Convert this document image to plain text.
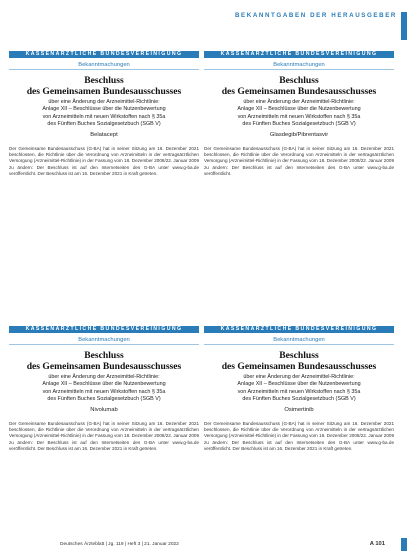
BEKANNTGABEN DER HERAUSGEBER
KASSENÄRZTLICHE BUNDESVEREINIGUNG
Bekanntmachungen
Beschluss
des Gemeinsamen Bundesausschusses
über eine Änderung der Arzneimittel-Richtlinie:
Anlage XII – Beschlüsse über die Nutzenbewertung
von Arzneimitteln mit neuen Wirkstoffen nach § 35a
des Fünften Buches Sozialgesetzbuch (SGB V)
Belatacept
Der Gemeinsame Bundesausschuss (G-BA) hat in seiner Sitzung am 16. Dezember 2021 beschlossen, die Richtlinie über die Verordnung von Arzneimitteln in der vertragsärztlichen Versorgung (Arzneimittel-Richtlinie) in der Fassung vom 18. Dezember 2008/22. Januar 2009 zu ändern: Der Beschluss ist auf den Internetseiten des G-BA unter www.g-ba.de veröffentlicht. Der Beschluss ist am 16. Dezember 2021 in Kraft getreten.
KASSENÄRZTLICHE BUNDESVEREINIGUNG
Bekanntmachungen
Beschluss
des Gemeinsamen Bundesausschusses
über eine Änderung der Arzneimittel-Richtlinie:
Anlage XII – Beschlüsse über die Nutzenbewertung
von Arzneimitteln mit neuen Wirkstoffen nach § 35a
des Fünften Buches Sozialgesetzbuch (SGB V)
Glasdegib/Pibrentasvir
Der Gemeinsame Bundesausschuss (G-BA) hat in seiner Sitzung am 16. Dezember 2021 beschlossen, die Richtlinie über die Verordnung von Arzneimitteln in der vertragsärztlichen Versorgung (Arzneimittel-Richtlinie) in der Fassung vom 18. Dezember 2008/22. Januar 2009 zu ändern: Der Beschluss ist auf den Internetseiten des G-BA unter www.g-ba.de veröffentlicht.
KASSENÄRZTLICHE BUNDESVEREINIGUNG
Bekanntmachungen
Beschluss
des Gemeinsamen Bundesausschusses
über eine Änderung der Arzneimittel-Richtlinie:
Anlage XII – Beschlüsse über die Nutzenbewertung
von Arzneimitteln mit neuen Wirkstoffen nach § 35a
des Fünften Buches Sozialgesetzbuch (SGB V)
Nivolumab
Der Gemeinsame Bundesausschuss (G-BA) hat in seiner Sitzung am 16. Dezember 2021 beschlossen, die Richtlinie über die Verordnung von Arzneimitteln in der vertragsärztlichen Versorgung (Arzneimittel-Richtlinie) in der Fassung vom 18. Dezember 2008/22. Januar 2009 zu ändern: Der Beschluss ist auf den Internetseiten des G-BA unter www.g-ba.de veröffentlicht. Der Beschluss ist am 16. Dezember 2021 in Kraft getreten.
KASSENÄRZTLICHE BUNDESVEREINIGUNG
Bekanntmachungen
Beschluss
des Gemeinsamen Bundesausschusses
über eine Änderung der Arzneimittel-Richtlinie:
Anlage XII – Beschlüsse über die Nutzenbewertung
von Arzneimitteln mit neuen Wirkstoffen nach § 35a
des Fünften Buches Sozialgesetzbuch (SGB V)
Osimertinib
Der Gemeinsame Bundesausschuss (G-BA) hat in seiner Sitzung am 16. Dezember 2021 beschlossen, die Richtlinie über die Verordnung von Arzneimitteln in der vertragsärztlichen Versorgung (Arzneimittel-Richtlinie) in der Fassung vom 18. Dezember 2008/22. Januar 2009 zu ändern: Der Beschluss ist auf den Internetseiten des G-BA unter www.g-ba.de veröffentlicht. Der Beschluss ist am 16. Dezember 2021 in Kraft getreten.
Deutsches Ärzteblatt | Jg. 119 | Heft 3 | 21. Januar 2022	A 101
